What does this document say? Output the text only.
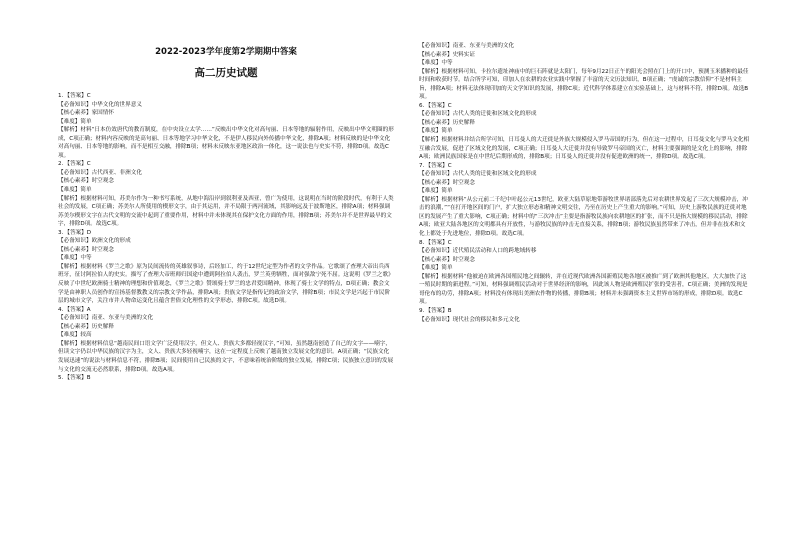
2022-2023学年度第2学期期中答案
高二历史试题
1．【答案】C
【必备知识】中华文化的世界意义
【核心素养】家国情怀
【难度】简单
【解析】材料“日本仿效唐代的教育制度，在中央设立太学……”反映出中华文化对高句丽、日本等地的辐射作用，反映出中华文明圈的形成，C项正确；材料内容反映的是高句丽、日本等地学习中华文化，不是伊人移民向外传播中华文化，排除A项；材料反映的是中华文化对高句丽、日本等地的影响，而不是相互交融，排除B项；材料未反映东亚地区政治一体化，这一说法也与史实不符，排除D项。故选C项。
2．【答案】C
【必备知识】古代西亚、非洲文化
【核心素养】时空观念
【难度】简单
【解析】根据材料可知，苏美尔作为一种书写系统，从地中海沿岸到叙利亚及西亚，曾广为使用，这说明在当时的阶段时代，有利于人类社会的发展，C项正确；苏美尔人所使用的楔形文字，由于其运用，并不局限于两河流域，其影响远及于波斯地区，排除A项；材料强调苏美尔楔形文字在古代文明的交流中起到了重要作用，材料中并未体现其在保护文化方面的作用，排除B项；苏美尔并不是世界最早的文字，排除D项。故选C项。
3．【答案】D
【必备知识】欧洲文化的形成
【核心素养】时空观念
【难度】中等
【解析】根据材料《罗兰之歌》原为民间流传的英雄叙事诗，后经加工，约于12世纪定型为作者的文学作品。它歌颂了查理大帝出兵西班牙，征讨阿拉伯人的史实。描写了查理大帝班师归国途中遭到阿拉伯人袭击，罗兰英勇牺牲，面对强敌宁死不屈。这说明《罗兰之歌》反映了中世纪欧洲骑士精神的理想和价值观念，《罗兰之歌》赞颂骑士罗兰的忠君爱国精神，体现了骑士文学的特点，D项正确；教会文学是由神职人员创作的宣扬基督教教义的宗教文学作品，排除A项；贵族文学是指传记的政治文学，排除B项；市民文学是兴起于市民阶层的城市文学，关注市井人物命运变化且蕴含世俗文化理性的文学形态，排除C项。故选D项。
4．【答案】A
【必备知识】南亚、东亚与美洲的文化
【核心素养】历史解释
【难度】较高
【解析】根据材料信息“越南民间口语文学广泛使用汉字，但文人、贵族大多都轻视汉字，”可知，虽然越南创造了自己的文字——喃字，但读文字仍以中华民族的汉字为主，文人、贵族大多轻视喃字，这在一定程度上反映了越南独立发展文化的意识。A项正确；“民族文化发展迅速”的说法与材料信息不符，排除B项；民间使用自己民族的文字，不意味着统治阶级的独立发展，排除C项；民族独立意识的发展与文化的交流无必然联系，排除D项。故选A项。
5．【答案】B
【必备知识】南亚、东亚与美洲的文化
【核心素养】史料实证
【难度】中等
【解析】根据材料可知，卡拉尔遗址神庙中的巨石阵就是太阳门，每年9月22日正午的阳光会照在门上的开口中，预测玉米播种的最佳时间和收获时节。结合所学可知，印加人在农耕的农业实践中掌握了丰富的天文历法知识，B项正确；“虔诚的宗教信仰”不是材料主旨，排除A项；材料无法体现印加的天文学知识的发展，排除C项；近代科学体系建立在实验基础上，这与材料不符，排除D项。故选B项。
6．【答案】C
【必备知识】古代人类的迁徙和区域文化的形成
【核心素养】历史解释
【难度】简单
【解析】根据材料并结合所学可知，日耳曼人的大迁徙是外族大规模侵入罗马帝国的行为，但在这一过程中，日耳曼文化与罗马文化相互融合发展，促进了区域文化的发展，C项正确；日耳曼人大迁徙并没有导致罗马帝国的灭亡，材料主要强调的是文化上的影响，排除A项；欧洲民族国家是在中世纪后期形成的，排除B项；日耳曼人的迁徙并没有促进欧洲的统一，排除D项。故选C项。
7．【答案】C
【必备知识】古代人类的迁徙和区域文化的形成
【核心素养】时空观念
【难度】简单
【解析】根据材料“从公元前二千纪中叶起公元13世纪，欧亚大陆草原地带游牧世界诸部落先后对农耕世界发起了三次大规模冲击，冲击的浪潮，”“在打开地区间的门户，扩大独立形态和精神文明交往，乃至在历史上产生重大的影响。”可知，历史上游牧民族的迁徙对地区的发展产生了重大影响，C项正确；材料中的“三次冲击”主要是指游牧民族向农耕地区的扩张，而不只是指大规模的移民活动，排除A项；欧亚大陆各地区的文明都具有开放性，与游牧民族的冲击无直接关系，排除B项；游牧民族虽然带来了冲击，但并非在技术和文化上都处于先进地位，排除D项。故选C项。
8．【答案】C
【必备知识】近代殖民活动和人口的跨地域转移
【核心素养】时空观念
【难度】简单
【解析】根据材料“他被迫在欧洲各国殖民地之间辗转，并在近现代欧洲各国新殖民地各地区被推广到了欧洲其他地区，大大加快了这一殖民时期的新进程。”可知，材料强调殖民活动对于世界经济的影响，因此该人物是欧洲殖民扩张的受害者，C项正确；美洲的发现是哥伦布的功劳，排除A项；材料没有体现出美洲农作物的传播，排除B项；材料并未强调资本主义世界市场的形成，排除D项。故选C项。
9．【答案】B
【必备知识】现代社会的移民和多元文化
